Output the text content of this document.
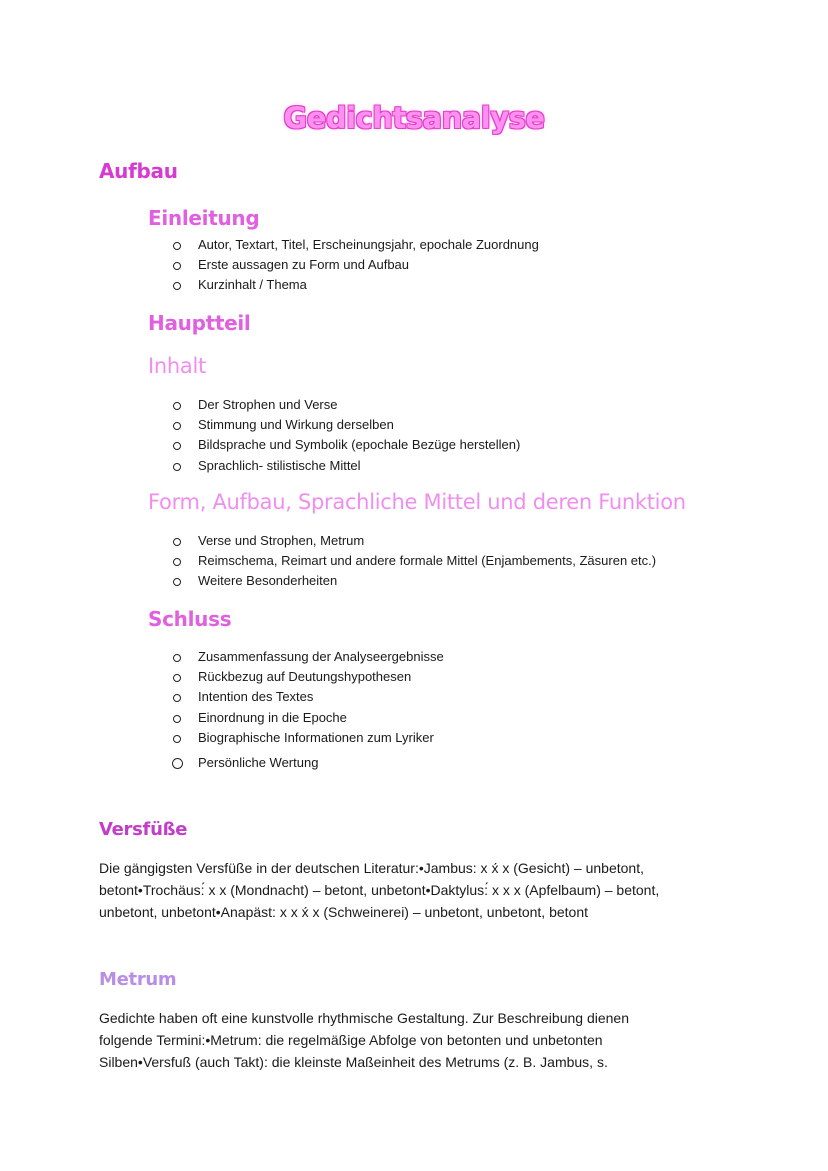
Gedichtsanalyse
Aufbau
Einleitung
Autor, Textart, Titel, Erscheinungsjahr, epochale Zuordnung
Erste aussagen zu Form und Aufbau
Kurzinhalt / Thema
Hauptteil
Inhalt
Der Strophen und Verse
Stimmung und Wirkung derselben
Bildsprache und Symbolik (epochale Bezüge herstellen)
Sprachlich- stilistische Mittel
Form, Aufbau, Sprachliche Mittel und deren Funktion
Verse und Strophen, Metrum
Reimschema, Reimart und andere formale Mittel (Enjambements, Zäsuren etc.)
Weitere Besonderheiten
Schluss
Zusammenfassung der Analyseergebnisse
Rückbezug auf Deutungshypothesen
Intention des Textes
Einordnung in die Epoche
Biographische Informationen zum Lyriker
Persönliche Wertung
Versfüße

Die gängigsten Versfüße in der deutschen Literatur:•Jambus: x x́ x (Gesicht) – unbetont,
betont•Trochäus:́ x x (Mondnacht) – betont, unbetont•Daktylus:́ x x x (Apfelbaum) – betont,
unbetont, unbetont•Anapäst: x x x́ x (Schweinerei) – unbetont, unbetont, betont

Metrum

Gedichte haben oft eine kunstvolle rhythmische Gestaltung. Zur Beschreibung dienen
folgende Termini:•Metrum: die regelmäßige Abfolge von betonten und unbetonten
Silben•Versfuß (auch Takt): die kleinste Maßeinheit des Metrums (z. B. Jambus, s.
